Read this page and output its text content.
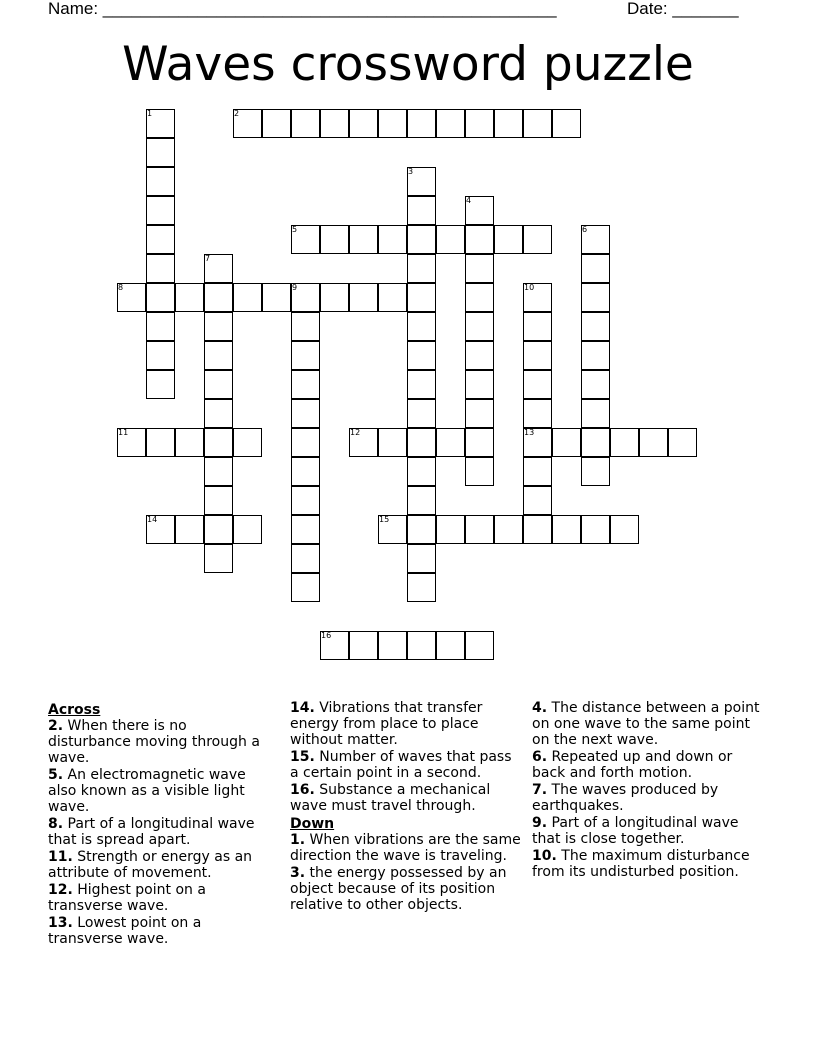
Name: ________________________________________________	Date: _______
Waves crossword puzzle
1	2
3
4
5	6
7
8	9	10
11	12	13
14	15
16
Across
2. When there is no disturbance moving through a wave.
5. An electromagnetic wave also known as a visible light wave.
8. Part of a longitudinal wave that is spread apart.
11. Strength or energy as an attribute of movement.
12. Highest point on a transverse wave.
13. Lowest point on a transverse wave.
14. Vibrations that transfer energy from place to place without matter.
15. Number of waves that pass a certain point in a second.
16. Substance a mechanical wave must travel through.
Down
1. When vibrations are the same direction the wave is traveling.
3. the energy possessed by an object because of its position relative to other objects.
4. The distance between a point on one wave to the same point on the next wave.
6. Repeated up and down or back and forth motion.
7. The waves produced by earthquakes.
9. Part of a longitudinal wave that is close together.
10. The maximum disturbance from its undisturbed position.
